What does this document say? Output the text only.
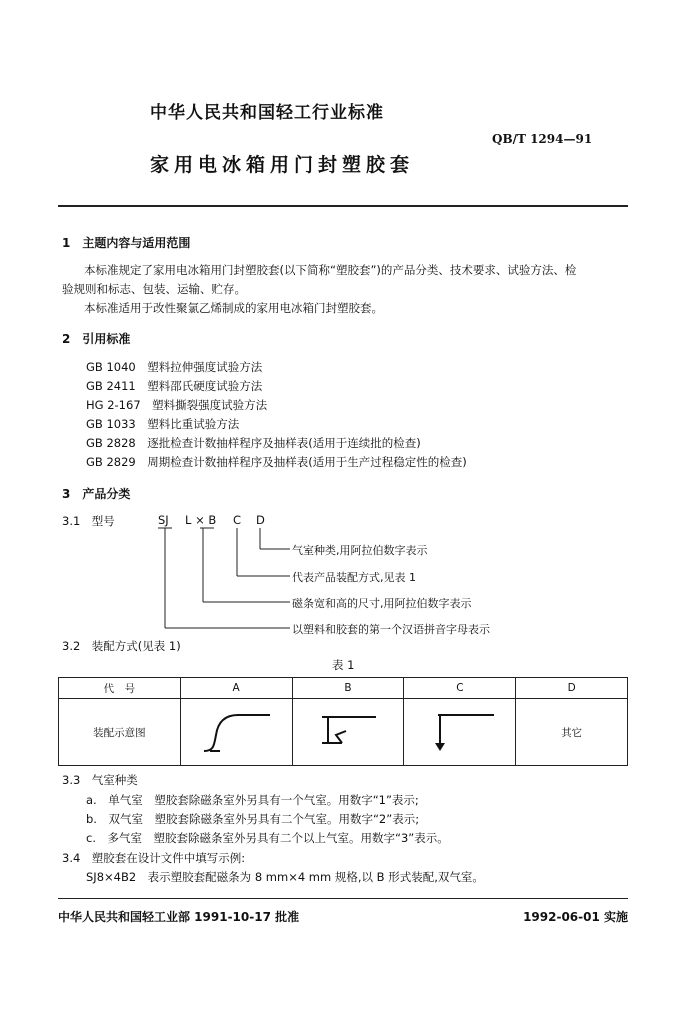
中华人民共和国轻工行业标准
QB/T 1294—91
家用电冰箱用门封塑胶套
1　主题内容与适用范围
本标准规定了家用电冰箱用门封塑胶套(以下简称“塑胶套”)的产品分类、技术要求、试验方法、检
验规则和标志、包装、运输、贮存。
本标准适用于改性聚氯乙烯制成的家用电冰箱门封塑胶套。
2　引用标准
GB 1040　 塑料拉伸强度试验方法
GB 2411　 塑料邵氏硬度试验方法
HG 2-167　 塑料撕裂强度试验方法
GB 1033　 塑料比重试验方法
GB 2828　 逐批检查计数抽样程序及抽样表(适用于连续批的检查)
GB 2829　 周期检查计数抽样程序及抽样表(适用于生产过程稳定性的检查)
3　产品分类
3.1　型号	SJ L × B C D
气室种类,用阿拉伯数字表示
代表产品装配方式,见表 1
磁条宽和高的尺寸,用阿拉伯数字表示
以塑料和胶套的第一个汉语拼音字母表示
3.2　装配方式(见表 1)
表 1
代　号	A	B	C	D
装配示意图				其它
3.3　气室种类
a.　 单气室　 塑胶套除磁条室外另具有一个气室。用数字“1”表示;
b.　 双气室　 塑胶套除磁条室外另具有二个气室。用数字“2”表示;
c.　 多气室　 塑胶套除磁条室外另具有二个以上气室。用数字“3”表示。
3.4　塑胶套在设计文件中填写示例:
SJ8×4B2　表示塑胶套配磁条为 8 mm×4 mm 规格,以 B 形式装配,双气室。
中华人民共和国轻工业部 1991-10-17 批准	1992-06-01 实施
